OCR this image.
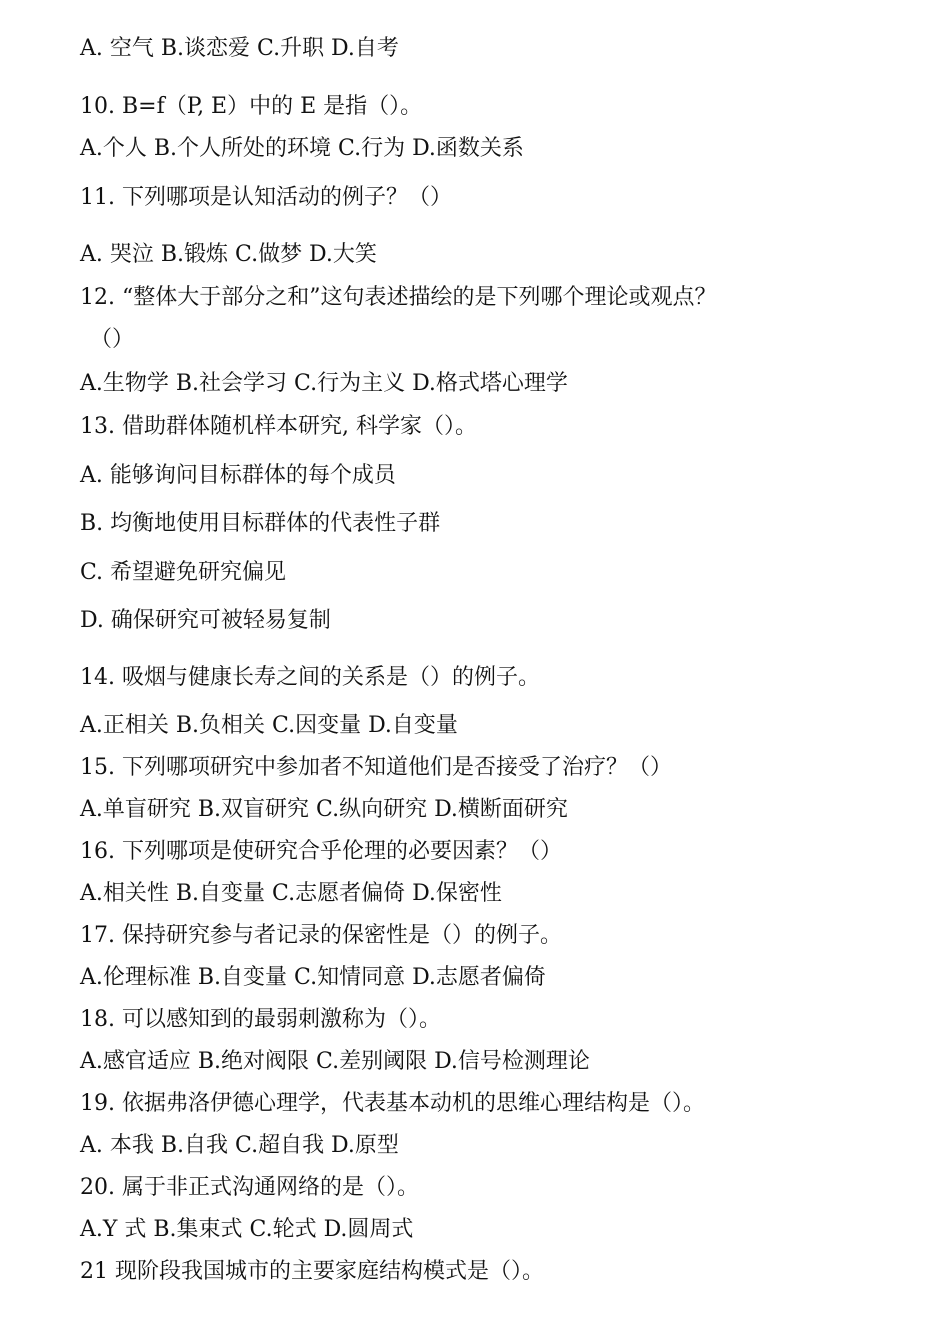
A. 空气 B.谈恋爱 C.升职 D.自考
10. B=f（P, E）中的 E 是指（）。
A.个人 B.个人所处的环境 C.行为 D.函数关系
11. 下列哪项是认知活动的例子？（）
A. 哭泣 B.锻炼 C.做梦 D.大笑
12. “整体大于部分之和”这句表述描绘的是下列哪个理论或观点？
（）
A.生物学 B.社会学习 C.行为主义 D.格式塔心理学
13. 借助群体随机样本研究, 科学家（）。
A. 能够询问目标群体的每个成员
B. 均衡地使用目标群体的代表性子群
C. 希望避免研究偏见
D. 确保研究可被轻易复制
14. 吸烟与健康长寿之间的关系是（）的例子。
A.正相关 B.负相关 C.因变量 D.自变量
15. 下列哪项研究中参加者不知道他们是否接受了治疗？（）
A.单盲研究 B.双盲研究 C.纵向研究 D.横断面研究
16. 下列哪项是使研究合乎伦理的必要因素？（）
A.相关性 B.自变量 C.志愿者偏倚 D.保密性
17. 保持研究参与者记录的保密性是（）的例子。
A.伦理标准 B.自变量 C.知情同意 D.志愿者偏倚
18. 可以感知到的最弱刺激称为（）。
A.感官适应 B.绝对阀限 C.差别阈限 D.信号检测理论
19. 依据弗洛伊德心理学，代表基本动机的思维心理结构是（）。
A. 本我 B.自我 C.超自我 D.原型
20. 属于非正式沟通网络的是（）。
A.Y 式 B.集束式 C.轮式 D.圆周式
21 现阶段我国城市的主要家庭结构模式是（）。
